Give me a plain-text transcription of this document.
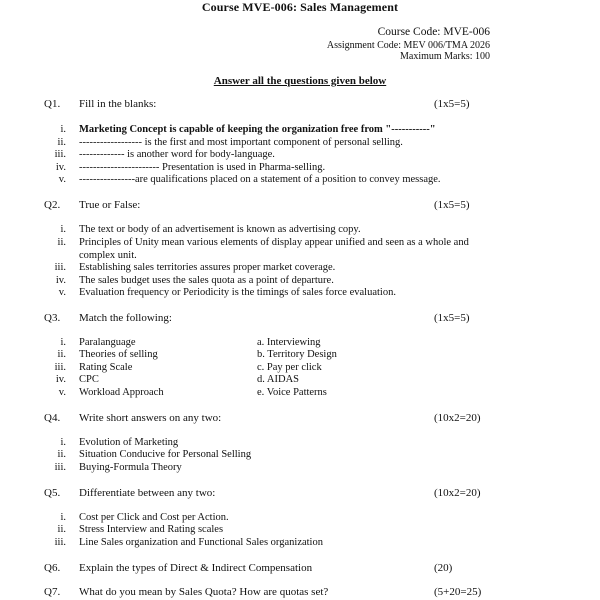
Course MVE-006: Sales Management
Course Code: MVE-006
Assignment Code: MEV 006/TMA 2026
Maximum Marks: 100
Answer all the questions given below
Q1. Fill in the blanks:	(1x5=5)
i. Marketing Concept is capable of keeping the organization free from "-----------"
ii. ------------------ is the first and most important component of personal selling.
iii. ------------- is another word for body-language.
iv. ----------------------- Presentation is used in Pharma-selling.
v. ----------------are qualifications placed on a statement of a position to convey message.
Q2. True or False:	(1x5=5)
i. The text or body of an advertisement is known as advertising copy.
ii. Principles of Unity mean various elements of display appear unified and seen as a whole and complex unit.
iii. Establishing sales territories assures proper market coverage.
iv. The sales budget uses the sales quota as a point of departure.
v. Evaluation frequency or Periodicity is the timings of sales force evaluation.
Q3. Match the following:	(1x5=5)
i. Paralanguage	a. Interviewing
ii. Theories of selling	b. Territory Design
iii. Rating Scale	c. Pay per click
iv. CPC	d. AIDAS
v. Workload Approach	e. Voice Patterns
Q4. Write short answers on any two:	(10x2=20)
i. Evolution of Marketing
ii. Situation Conducive for Personal Selling
iii. Buying-Formula Theory
Q5. Differentiate between any two:	(10x2=20)
i. Cost per Click and Cost per Action.
ii. Stress Interview and Rating scales
iii. Line Sales organization and Functional Sales organization
Q6. Explain the types of Direct & Indirect Compensation	(20)
Q7. What do you mean by Sales Quota? How are quotas set?	(5+20=25)
